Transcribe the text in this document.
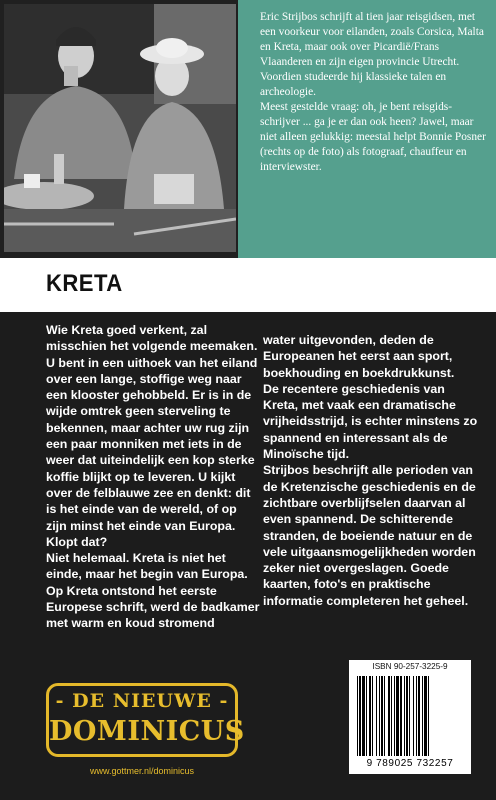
Eric Strijbos schrijft al tien jaar reisgidsen, met een voorkeur voor eilanden, zoals Corsica, Malta en Kreta, maar ook over Picardië/Frans Vlaanderen en zijn eigen provincie Utrecht. Voordien studeerde hij klassieke talen en archeologie.

Meest gestelde vraag: oh, je bent reisgids-schrijver ... ga je er dan ook heen? Jawel, maar niet alleen gelukkig: meestal helpt Bonnie Posner (rechts op de foto) als fotograaf, chauffeur en interviewster.

KRETA

Wie Kreta goed verkent, zal misschien het volgende meemaken. U bent in een uithoek van het eiland over een lange, stoffige weg naar een klooster gehobbeld. Er is in de wijde omtrek geen sterveling te bekennen, maar achter uw rug zijn een paar monniken met iets in de weer dat uiteindelijk een kop sterke koffie blijkt op te leveren. U kijkt over de felblauwe zee en denkt: dit is het einde van de wereld, of op zijn minst het einde van Europa. Klopt dat?

Niet helemaal. Kreta is niet het einde, maar het begin van Europa. Op Kreta ontstond het eerste Europese schrift, werd de badkamer met warm en koud stromend

water uitgevonden, deden de Europeanen het eerst aan sport, boekhouding en boekdrukkunst.

De recentere geschiedenis van Kreta, met vaak een dramatische vrijheidsstrijd, is echter minstens zo spannend en interessant als de Minoïsche tijd.

Strijbos beschrijft alle perioden van de Kretenzische geschiedenis en de zichtbare overblijfselen daarvan al even spannend. De schitterende stranden, de boeiende natuur en de vele uitgaansmogelijkheden worden zeker niet overgeslagen. Goede kaarten, foto's en praktische informatie completeren het geheel.

ISBN 90-257-3225-9
9 789025 732257
- DE NIEUWE -
DOMINICUS
www.gottmer.nl/dominicus
